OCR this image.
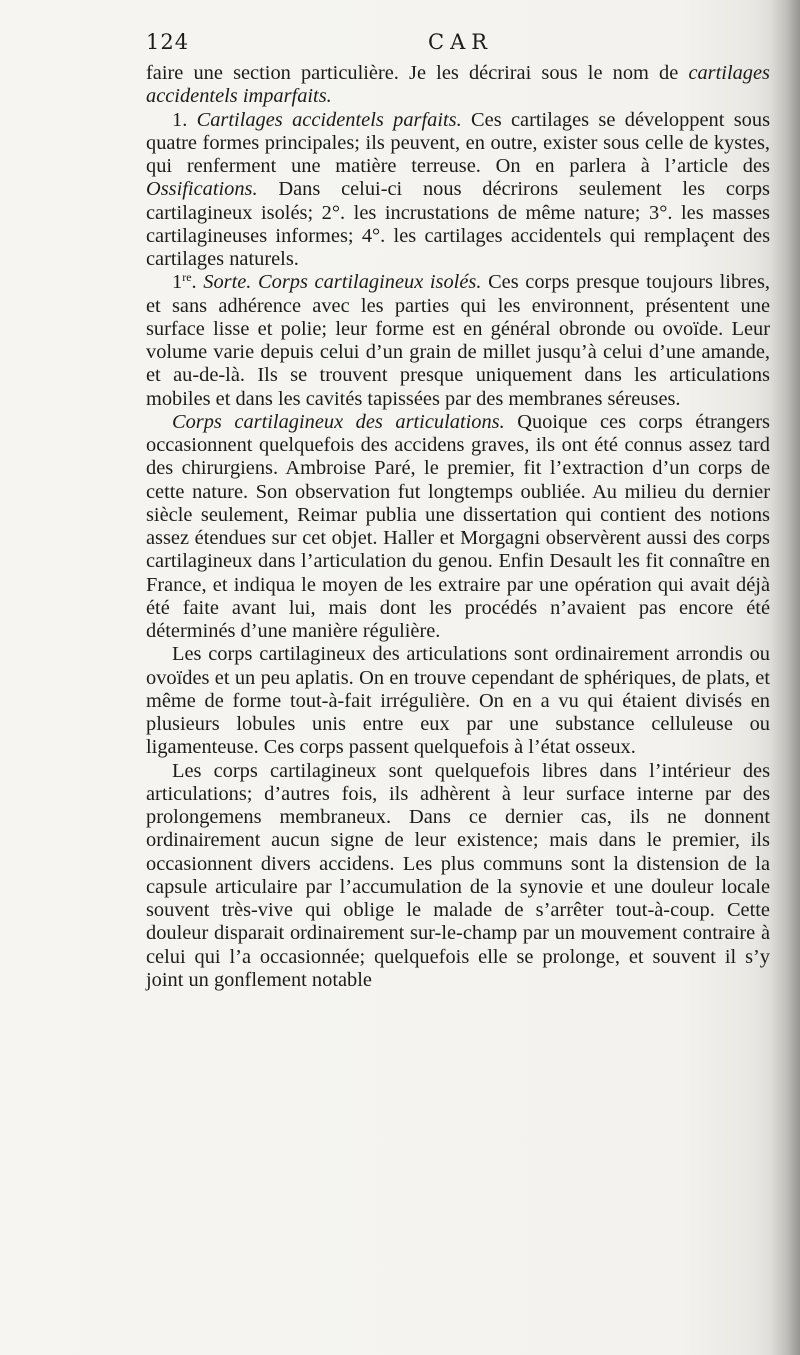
124	CAR

faire une section particulière. Je les décrirai sous le nom de cartilages accidentels imparfaits.

1. Cartilages accidentels parfaits. Ces cartilages se développent sous quatre formes principales; ils peuvent, en outre, exister sous celle de kystes, qui renferment une matière terreuse. On en parlera à l’article des Ossifications. Dans celui-ci nous décrirons seulement les corps cartilagineux isolés; 2°. les incrustations de même nature; 3°. les masses cartilagineuses informes; 4°. les cartilages accidentels qui remplaçent des cartilages naturels.

1re. Sorte. Corps cartilagineux isolés. Ces corps presque toujours libres, et sans adhérence avec les parties qui les environnent, présentent une surface lisse et polie; leur forme est en général obronde ou ovoïde. Leur volume varie depuis celui d’un grain de millet jusqu’à celui d’une amande, et au-de-là. Ils se trouvent presque uniquement dans les articulations mobiles et dans les cavités tapissées par des membranes séreuses.

Corps cartilagineux des articulations. Quoique ces corps étrangers occasionnent quelquefois des accidens graves, ils ont été connus assez tard des chirurgiens. Ambroise Paré, le premier, fit l’extraction d’un corps de cette nature. Son observation fut longtemps oubliée. Au milieu du dernier siècle seulement, Reimar publia une dissertation qui contient des notions assez étendues sur cet objet. Haller et Morgagni observèrent aussi des corps cartilagineux dans l’articulation du genou. Enfin Desault les fit connaître en France, et indiqua le moyen de les extraire par une opération qui avait déjà été faite avant lui, mais dont les procédés n’avaient pas encore été déterminés d’une manière régulière.

Les corps cartilagineux des articulations sont ordinairement arrondis ou ovoïdes et un peu aplatis. On en trouve cependant de sphériques, de plats, et même de forme tout-à-fait irrégulière. On en a vu qui étaient divisés en plusieurs lobules unis entre eux par une substance celluleuse ou ligamenteuse. Ces corps passent quelquefois à l’état osseux.

Les corps cartilagineux sont quelquefois libres dans l’intérieur des articulations; d’autres fois, ils adhèrent à leur surface interne par des prolongemens membraneux. Dans ce dernier cas, ils ne donnent ordinairement aucun signe de leur existence; mais dans le premier, ils occasionnent divers accidens. Les plus communs sont la distension de la capsule articulaire par l’accumulation de la synovie et une douleur locale souvent très-vive qui oblige le malade de s’arrêter tout-à-coup. Cette douleur disparait ordinairement sur-le-champ par un mouvement contraire à celui qui l’a occasionnée; quelquefois elle se prolonge, et souvent il s’y joint un gonflement notable
